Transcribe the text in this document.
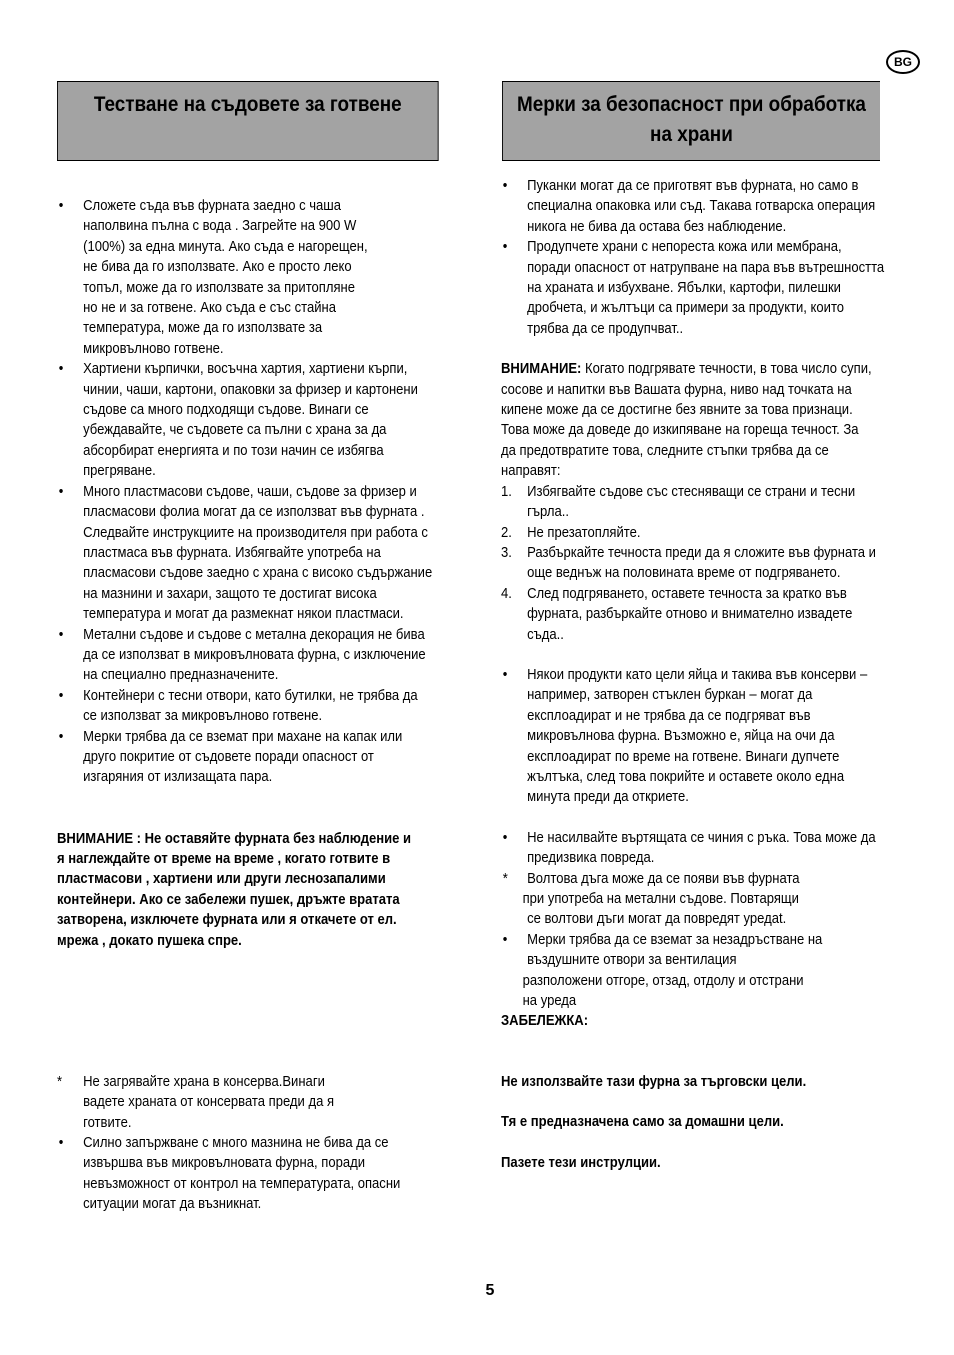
BG
Тестване на съдовете за готвене	Мерки за безопасност при обработка
на храни
• Сложете съда във фурната заедно с чаша
наполвина пълна с вода . Загрейте на 900 W
(100%) за една минута. Ако съда е нагорещен,
не бива да го използвате. Ако е просто леко
топъл, може да го използвате за притопляне
но не и за готвене. Ако съда е със стайна
температура, може да го използвате за
микровълново готвене.
• Хартиени кърпички, восъчна хартия, хартиени кърпи,
чинии, чаши, картони, опаковки за фризер и картонени
съдове са много подходящи съдове. Винаги се
убеждавайте, че съдовете са пълни с храна за да
абсорбират енергията и по този начин се избягва
прегряване.
• Много пластмасови съдове, чаши, съдове за фризер и
пласмасови фолиа могат да се използват във фурната .
Следвайте инструкциите на производителя при работа с
пластмаса във фурната. Избягвайте употреба на
пласмасови съдове заедно с храна с високо съдържание
на мазнини и захари, защото те достигат висока
температура и могат да размекнат някои пластмаси.
• Метални съдове и съдове с метална декорация не бива
да се използват в микровълновата фурна, с изключение
на специално предназначените.
• Контейнери с тесни отвори, като бутилки, не трябва да
се използват за микровълново готвене.
• Мерки трябва да се вземат при махане на капак или
друго покритие от съдовете поради опасност от
изгаряния от излизащата пара.

ВНИМАНИЕ : Не оставяйте фурната без наблюдение и
я наглеждайте от време на време , когато готвите в
пластмасови , хартиени или други леснозапалими
контейнери. Ако се забележи пушек, дръжте вратата
затворена, изключете фурната или я откачете от ел.
мрежа , докато пушека спре.

* Не загрявайте храна в консерва.Винаги
вадете храната от консервата преди да я
готвите.
• Силно запържване с много мазнина не бива да се
извършва във микровълновата фурна, поради
невъзможност от контрол на температурата, опасни
ситуации могат да възникнат.
• Пуканки могат да се приготвят във фурната, но само в
специална опаковка или съд. Такава готварска операция
никога не бива да остава без наблюдение.
• Продупчете храни с непореста кожа или мембрана,
поради опасност от натрупване на пара във вътрешността
на храната и избухване. Ябълки, картофи, пилешки
дробчета, и жълтъци са примери за продукти, които
трябва да се продупчват..
ВНИМАНИЕ: Когато подгрявате течности, в това число супи,
сосове и напитки във Вашата фурна, ниво над точката на
кипене може да се достигне без явните за това признаци.
Това може да доведе до изкипяване на гореща течност. За
да предотвратите това, следните стъпки трябва да се
направят:
1. Избягвайте съдове със стесняващи се страни и тесни
гърла..
2. Не презатопляйте.
3. Разбъркайте течноста преди да я сложите във фурната и
още веднъж на половината време от подгряването.
4. След подгряването, оставете течноста за кратко във
фурната, разбъркайте отново и внимателно извадете
съда..
• Някои продукти като цели яйца и такива във консерви –
например, затворен стъклен буркан – могат да
експлоадират и не трябва да се подгряват във
микровълнова фурна. Възможно е, яйца на очи да
експлоадират по време на готвене. Винаги дупчете
жълтъка, след това покрийте и оставете около една
минута преди да откриете.
• Не насилвайте въртящата се чиния с ръка. Това може да
предизвика повреда.
* Волтова дъга може да се появи във фурната
при употреба на метални съдове. Повтарящи
се волтови дъги могат да повредят уредat.
• Мерки трябва да се вземат за незадръстване на
въздушните отвори за вентилация
разположени отгоре, отзад, отдолу и отстрани
на уреда
ЗАБЕЛЕЖКА:
Не използвайте тази фурна за търговски цели.
Тя е предназначена само за домашни цели.
Пазете тези инструлции.
5
